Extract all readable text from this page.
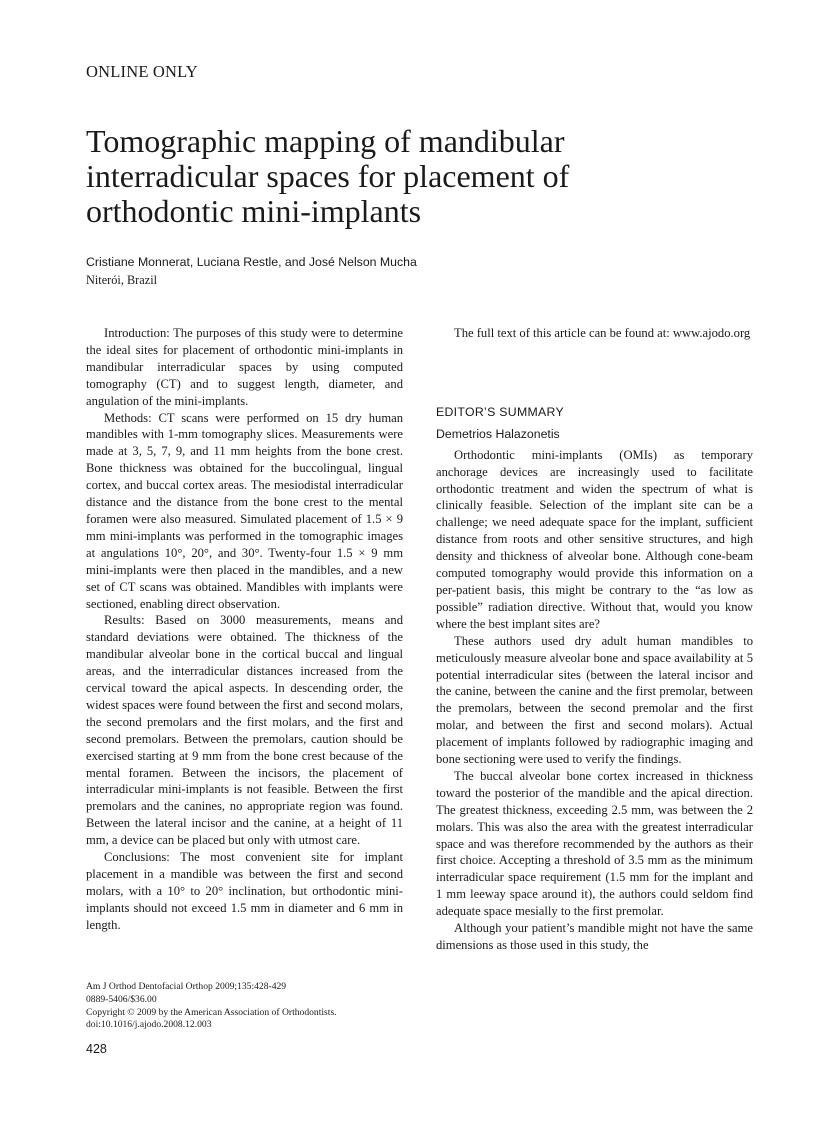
ONLINE ONLY
Tomographic mapping of mandibular interradicular spaces for placement of orthodontic mini-implants
Cristiane Monnerat, Luciana Restle, and José Nelson Mucha
Niterói, Brazil

Introduction: The purposes of this study were to determine the ideal sites for placement of orthodontic mini-implants in mandibular interradicular spaces by using computed tomography (CT) and to suggest length, diameter, and angulation of the mini-implants.

Methods: CT scans were performed on 15 dry human mandibles with 1-mm tomography slices. Measurements were made at 3, 5, 7, 9, and 11 mm heights from the bone crest. Bone thickness was obtained for the buccolingual, lingual cortex, and buccal cortex areas. The mesiodistal interradicular distance and the distance from the bone crest to the mental foramen were also measured. Simulated placement of 1.5 × 9 mm mini-implants was performed in the tomographic images at angulations 10°, 20°, and 30°. Twenty-four 1.5 × 9 mm mini-implants were then placed in the mandibles, and a new set of CT scans was obtained. Mandibles with implants were sectioned, enabling direct observation.

Results: Based on 3000 measurements, means and standard deviations were obtained. The thickness of the mandibular alveolar bone in the cortical buccal and lingual areas, and the interradicular distances increased from the cervical toward the apical aspects. In descending order, the widest spaces were found between the first and second molars, the second premolars and the first molars, and the first and second premolars. Between the premolars, caution should be exercised starting at 9 mm from the bone crest because of the mental foramen. Between the incisors, the placement of interradicular mini-implants is not feasible. Between the first premolars and the canines, no appropriate region was found. Between the lateral incisor and the canine, at a height of 11 mm, a device can be placed but only with utmost care.

Conclusions: The most convenient site for implant placement in a mandible was between the first and second molars, with a 10° to 20° inclination, but orthodontic mini-implants should not exceed 1.5 mm in diameter and 6 mm in length.

The full text of this article can be found at: www.ajodo.org

EDITOR’S SUMMARY
Demetrios Halazonetis

Orthodontic mini-implants (OMIs) as temporary anchorage devices are increasingly used to facilitate orthodontic treatment and widen the spectrum of what is clinically feasible. Selection of the implant site can be a challenge; we need adequate space for the implant, sufficient distance from roots and other sensitive structures, and high density and thickness of alveolar bone. Although cone-beam computed tomography would provide this information on a per-patient basis, this might be contrary to the “as low as possible” radiation directive. Without that, would you know where the best implant sites are?

These authors used dry adult human mandibles to meticulously measure alveolar bone and space availability at 5 potential interradicular sites (between the lateral incisor and the canine, between the canine and the first premolar, between the premolars, between the second premolar and the first molar, and between the first and second molars). Actual placement of implants followed by radiographic imaging and bone sectioning were used to verify the findings.

The buccal alveolar bone cortex increased in thickness toward the posterior of the mandible and the apical direction. The greatest thickness, exceeding 2.5 mm, was between the 2 molars. This was also the area with the greatest interradicular space and was therefore recommended by the authors as their first choice. Accepting a threshold of 3.5 mm as the minimum interradicular space requirement (1.5 mm for the implant and 1 mm leeway space around it), the authors could seldom find adequate space mesially to the first premolar.

Although your patient’s mandible might not have the same dimensions as those used in this study, the

Am J Orthod Dentofacial Orthop 2009;135:428-429
0889-5406/$36.00
Copyright © 2009 by the American Association of Orthodontists.
doi:10.1016/j.ajodo.2008.12.003
428
